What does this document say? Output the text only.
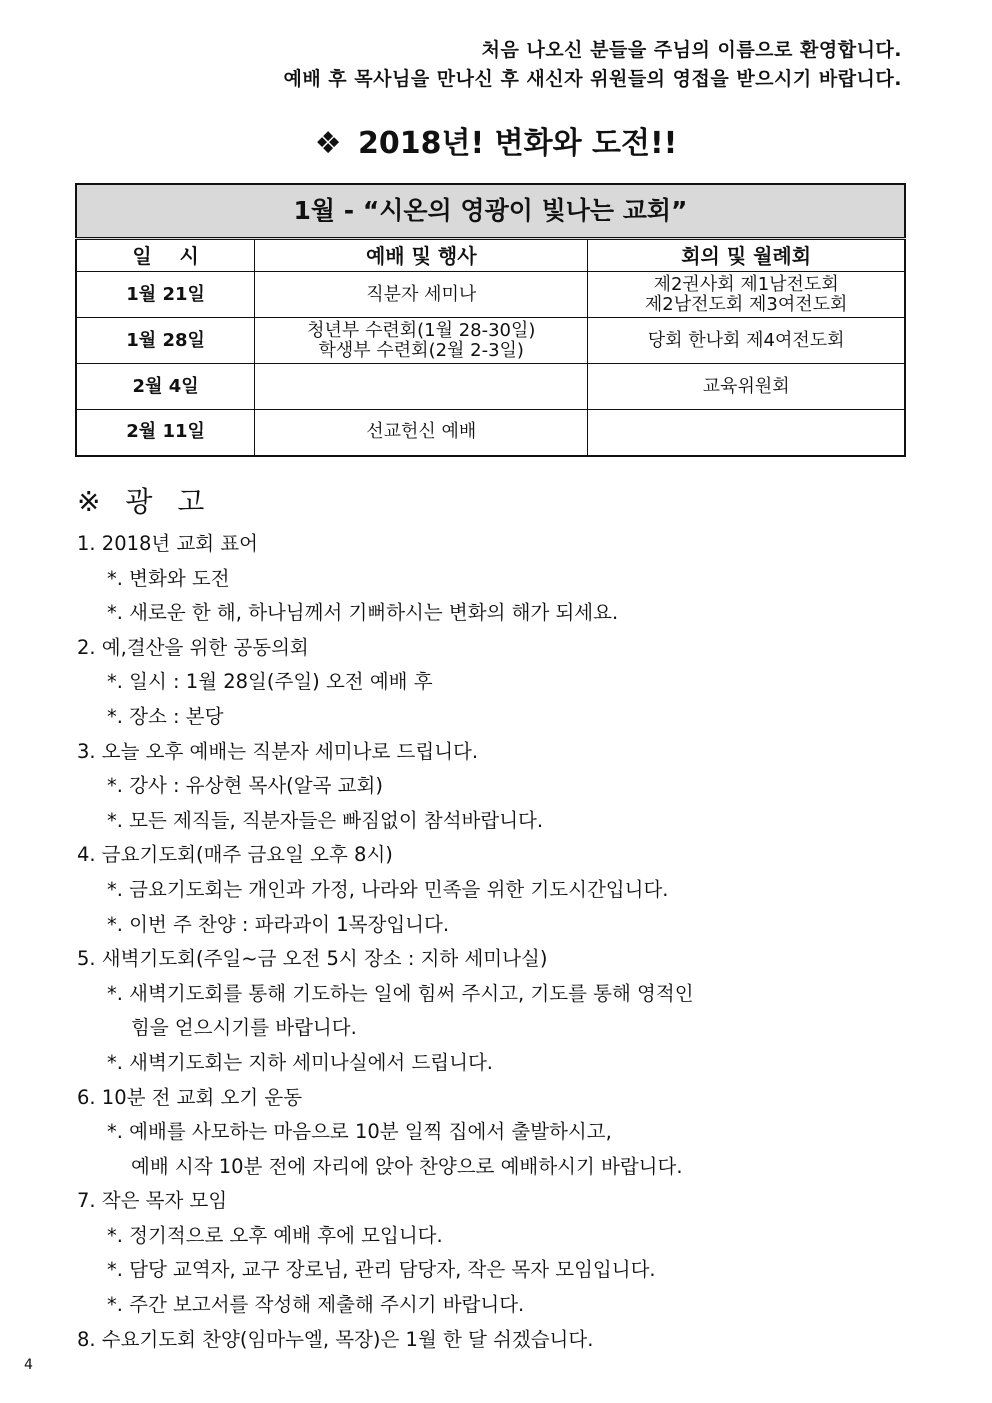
처음 나오신 분들을 주님의 이름으로 환영합니다.
예배 후 목사님을 만나신 후 새신자 위원들의 영접을 받으시기 바랍니다.
❖ 2018년! 변화와 도전!!
1월 - “시온의 영광이 빛나는 교회”		
일    시	예배 및 행사	회의 및 월례회
1월 21일	직분자 세미나	제2권사회 제1남전도회
제2남전도회 제3여전도회

1월 28일	청년부 수련회(1월 28-30일)
학생부 수련회(2월 2-3일)	당회 한나회 제4여전도회

2월 4일		교육위원회

2월 11일	선교헌신 예배	

※ 광 고
1. 2018년 교회 표어
*. 변화와 도전
*. 새로운 한 해, 하나님께서 기뻐하시는 변화의 해가 되세요.
2. 예,결산을 위한 공동의회
*. 일시 : 1월 28일(주일) 오전 예배 후
*. 장소 : 본당
3. 오늘 오후 예배는 직분자 세미나로 드립니다.
*. 강사 : 유상현 목사(알곡 교회)
*. 모든 제직들, 직분자들은 빠짐없이 참석바랍니다.
4. 금요기도회(매주 금요일 오후 8시)
*. 금요기도회는 개인과 가정, 나라와 민족을 위한 기도시간입니다.
*. 이번 주 찬양 : 파라과이 1목장입니다.
5. 새벽기도회(주일~금 오전 5시 장소 : 지하 세미나실)
*. 새벽기도회를 통해 기도하는 일에 힘써 주시고, 기도를 통해 영적인
힘을 얻으시기를 바랍니다.
*. 새벽기도회는 지하 세미나실에서 드립니다.
6. 10분 전 교회 오기 운동
*. 예배를 사모하는 마음으로 10분 일찍 집에서 출발하시고,
예배 시작 10분 전에 자리에 앉아 찬양으로 예배하시기 바랍니다.
7. 작은 목자 모임
*. 정기적으로 오후 예배 후에 모입니다.
*. 담당 교역자, 교구 장로님, 관리 담당자, 작은 목자 모임입니다.
*. 주간 보고서를 작성해 제출해 주시기 바랍니다.
8. 수요기도회 찬양(임마누엘, 목장)은 1월 한 달 쉬겠습니다.
4
